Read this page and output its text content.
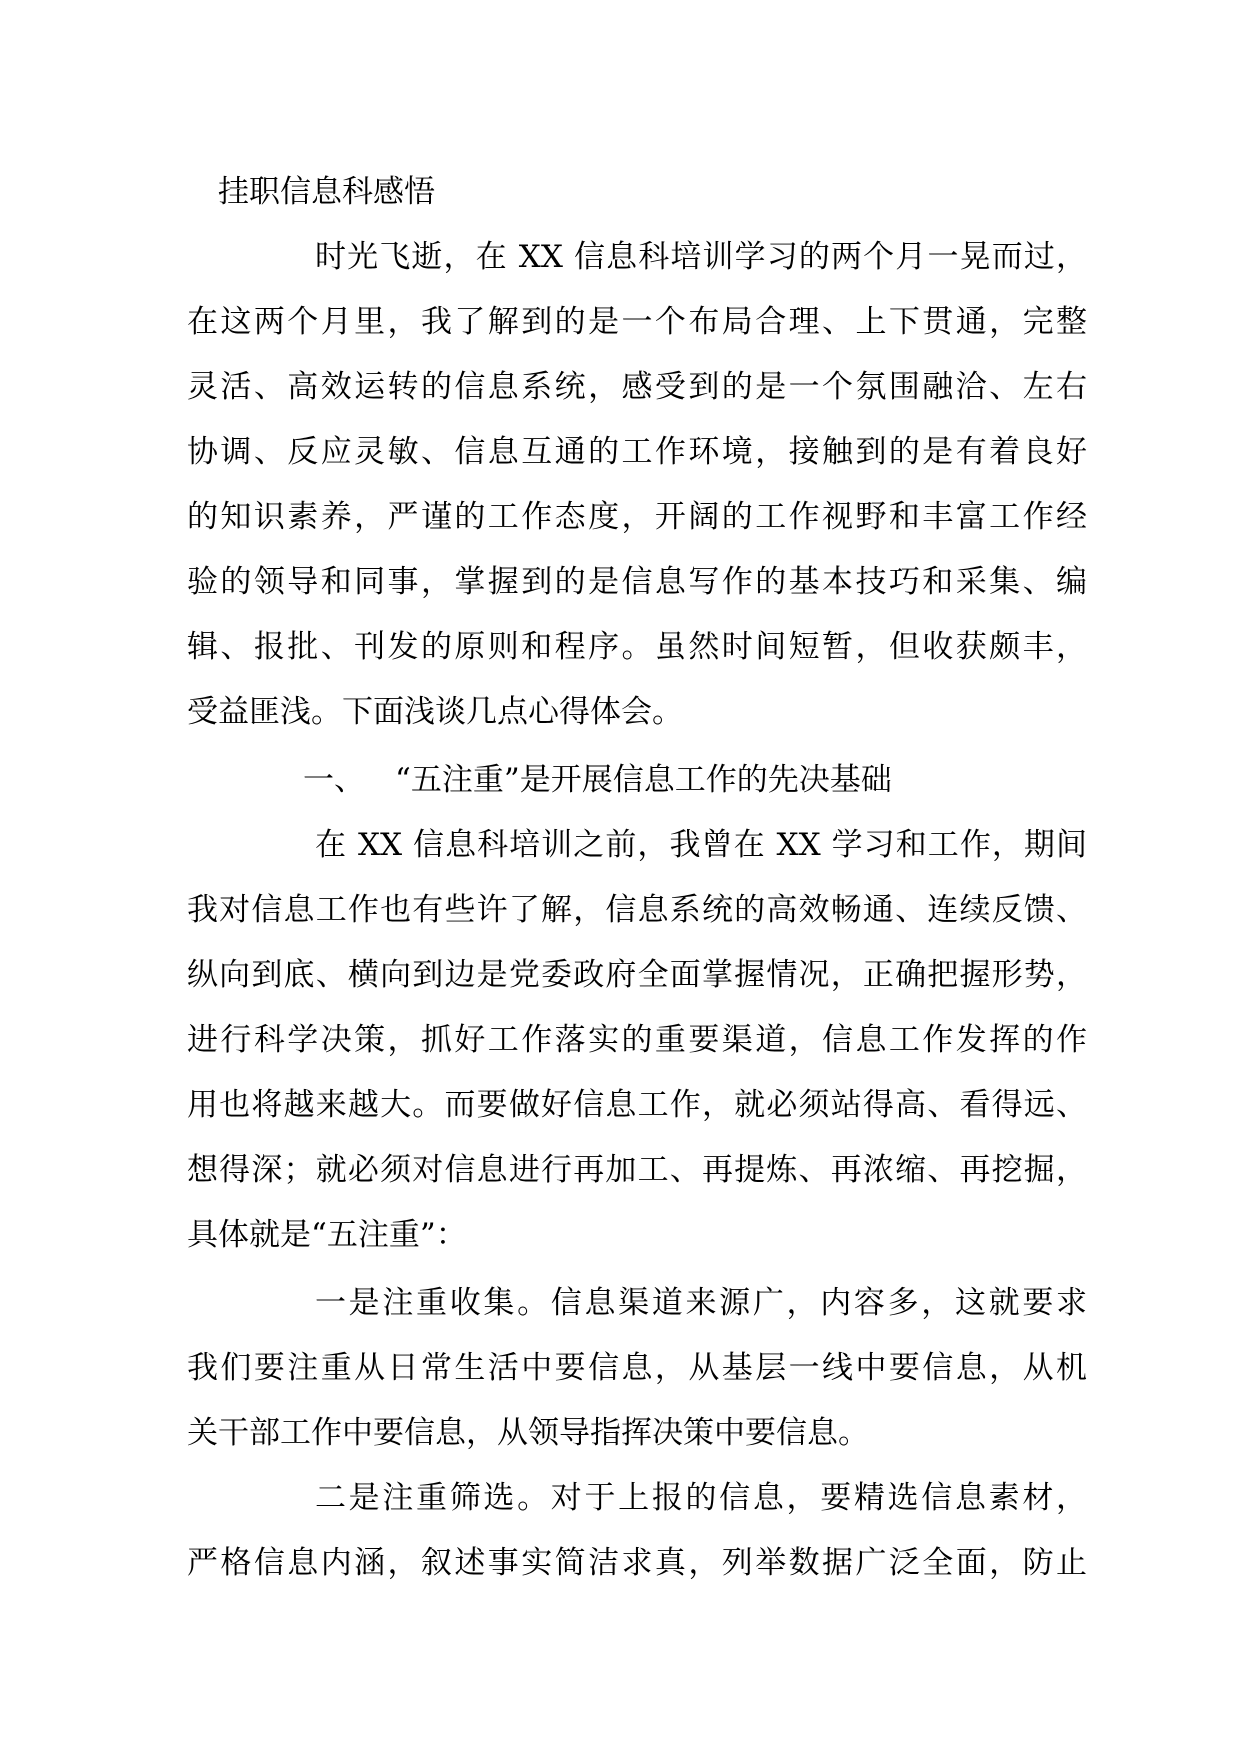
挂职信息科感悟
时光飞逝，在 XX 信息科培训学习的两个月一晃而过，
在这两个月里，我了解到的是一个布局合理、上下贯通，完整
灵活、高效运转的信息系统，感受到的是一个氛围融洽、左右
协调、反应灵敏、信息互通的工作环境，接触到的是有着良好
的知识素养，严谨的工作态度，开阔的工作视野和丰富工作经
验的领导和同事，掌握到的是信息写作的基本技巧和采集、编
辑、报批、刊发的原则和程序。虽然时间短暂，但收获颇丰，
受益匪浅。下面浅谈几点心得体会。
一、 “五注重”是开展信息工作的先决基础
在 XX 信息科培训之前，我曾在 XX 学习和工作，期间
我对信息工作也有些许了解，信息系统的高效畅通、连续反馈、
纵向到底、横向到边是党委政府全面掌握情况，正确把握形势，
进行科学决策，抓好工作落实的重要渠道，信息工作发挥的作
用也将越来越大。而要做好信息工作，就必须站得高、看得远、
想得深；就必须对信息进行再加工、再提炼、再浓缩、再挖掘，
具体就是“五注重”：
一是注重收集。信息渠道来源广，内容多，这就要求
我们要注重从日常生活中要信息，从基层一线中要信息，从机
关干部工作中要信息，从领导指挥决策中要信息。
二是注重筛选。对于上报的信息，要精选信息素材，
严格信息内涵，叙述事实简洁求真，列举数据广泛全面，防止
